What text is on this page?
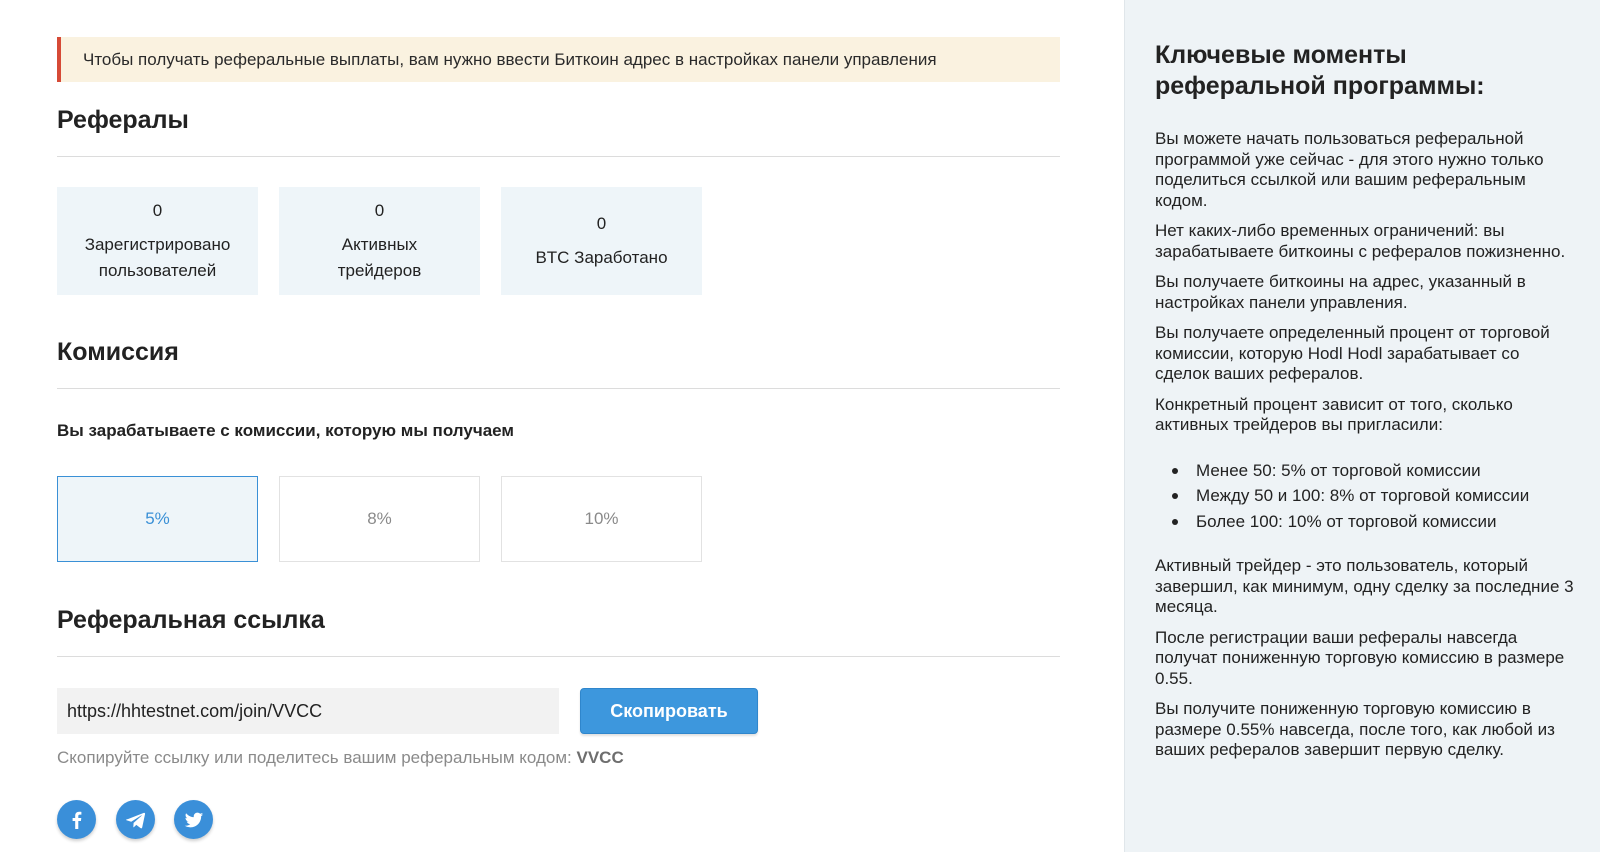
Чтобы получать реферальные выплаты, вам нужно ввести Биткоин адрес в настройках панели управления
Рефералы
0
Зарегистрировано
пользователей
0
Активных
трейдеров
0
BTC Заработано
Комиссия
Вы зарабатываете с комиссии, которую мы получаем
5%	8%	10%
Реферальная ссылка
https://hhtestnet.com/join/VVCC	Скопировать
Скопируйте ссылку или поделитесь вашим реферальным кодом: VVCC
Ключевые моменты
реферальной программы:

Вы можете начать пользоваться реферальной программой уже сейчас - для этого нужно только поделиться ссылкой или вашим реферальным кодом.

Нет каких-либо временных ограничений: вы зарабатываете биткоины с рефералов пожизненно.

Вы получаете биткоины на адрес, указанный в настройках панели управления.

Вы получаете определенный процент от торговой комиссии, которую Hodl Hodl зарабатывает со сделок ваших рефералов.

Конкретный процент зависит от того, сколько активных трейдеров вы пригласили:

Менее 50: 5% от торговой комиссии
Между 50 и 100: 8% от торговой комиссии
Более 100: 10% от торговой комиссии

Активный трейдер - это пользователь, который завершил, как минимум, одну сделку за последние 3 месяца.

После регистрации ваши рефералы навсегда получат пониженную торговую комиссию в размере 0.55.

Вы получите пониженную торговую комиссию в размере 0.55% навсегда, после того, как любой из ваших рефералов завершит первую сделку.
